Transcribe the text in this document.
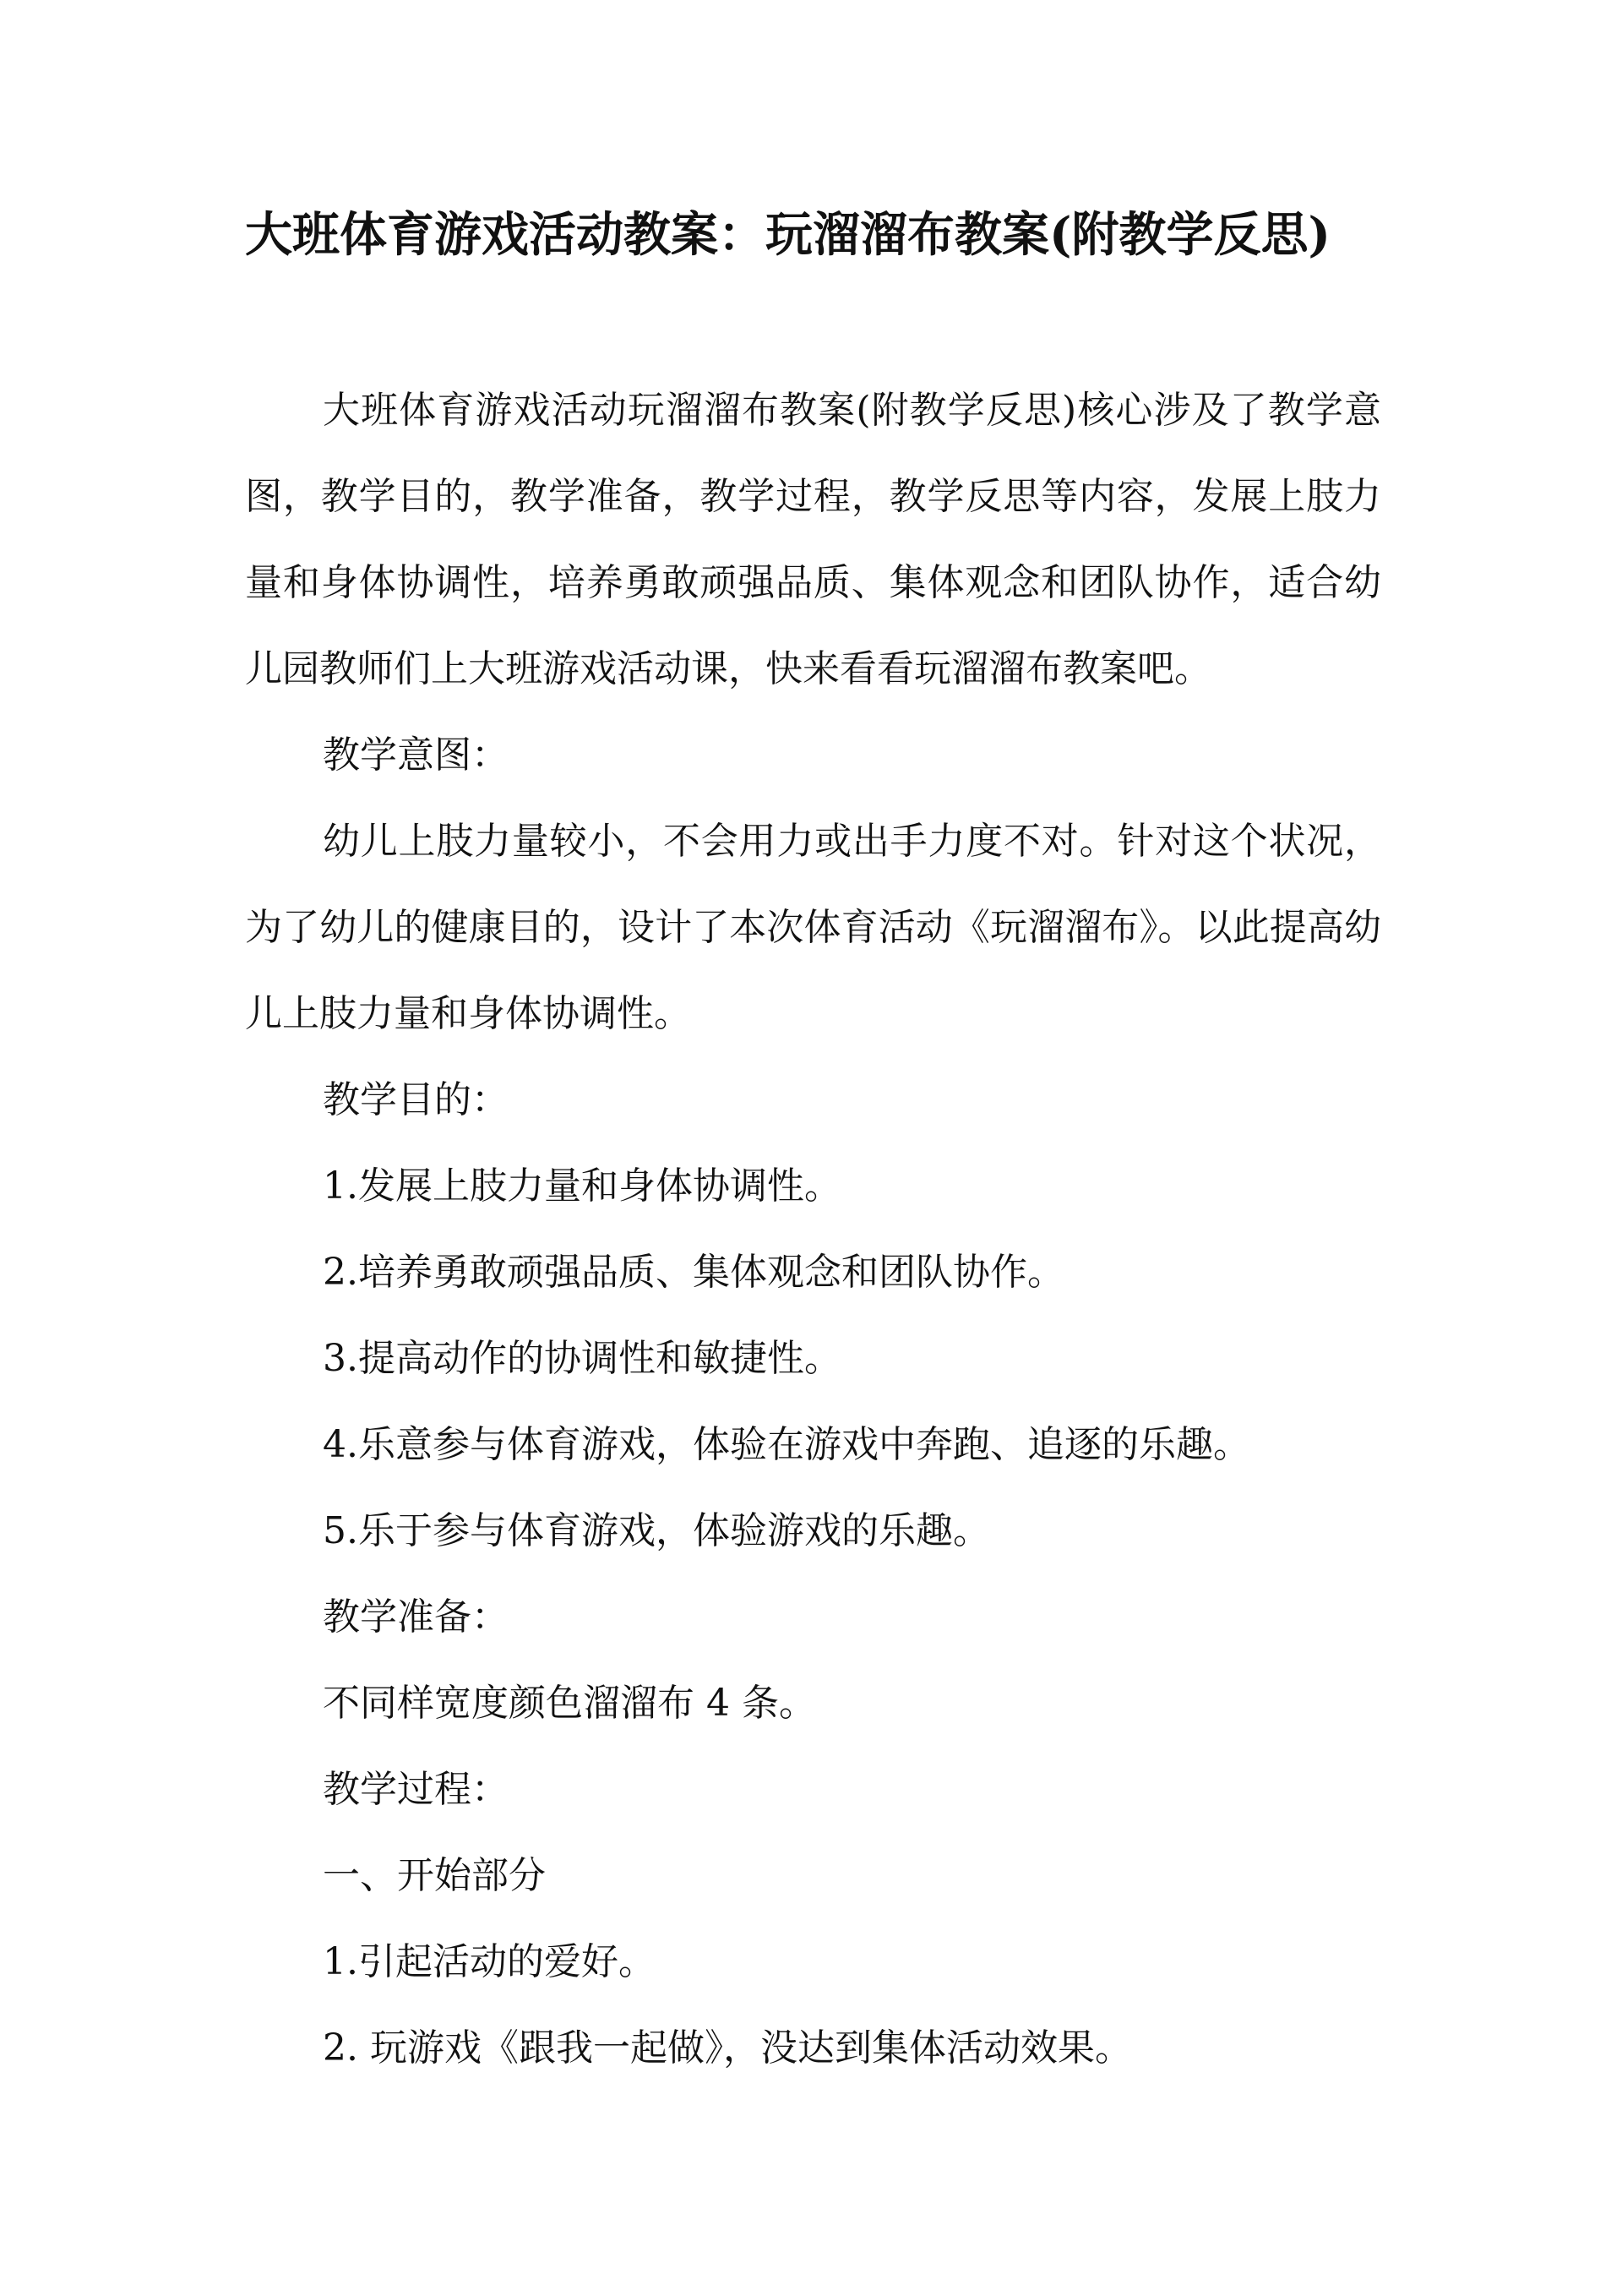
大班体育游戏活动教案：玩溜溜布教案(附教学反思)

大班体育游戏活动玩溜溜布教案(附教学反思)核心涉及了教学意图，教学目的，教学准备，教学过程，教学反思等内容，发展上肢力量和身体协调性，培养勇敢顽强品质、集体观念和团队协作，适合幼儿园教师们上大班游戏活动课，快来看看玩溜溜布教案吧。

教学意图：

幼儿上肢力量较小，不会用力或出手力度不对。针对这个状况，为了幼儿的健康目的，设计了本次体育活动《玩溜溜布》。以此提高幼儿上肢力量和身体协调性。

教学目的：

1.发展上肢力量和身体协调性。

2.培养勇敢顽强品质、集体观念和团队协作。

3.提高动作的协调性和敏捷性。

4.乐意参与体育游戏，体验在游戏中奔跑、追逐的乐趣。

5.乐于参与体育游戏，体验游戏的乐趣。

教学准备：

不同样宽度颜色溜溜布 4 条。

教学过程：

一、开始部分

1.引起活动的爱好。

2. 玩游戏《跟我一起做》，没达到集体活动效果。
